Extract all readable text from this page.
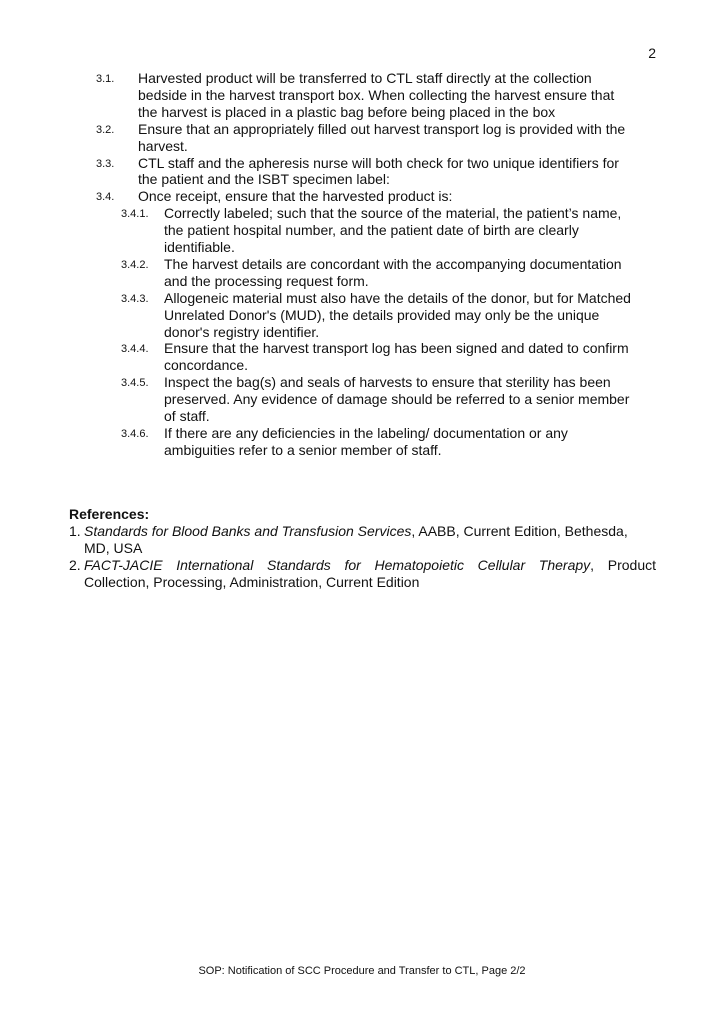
2
3.1. Harvested product will be transferred to CTL staff directly at the collection
bedside in the harvest transport box. When collecting the harvest ensure that
the harvest is placed in a plastic bag before being placed in the box
3.2. Ensure that an appropriately filled out harvest transport log is provided with the
harvest.
3.3. CTL staff and the apheresis nurse will both check for two unique identifiers for
the patient and the ISBT specimen label:
3.4. Once receipt, ensure that the harvested product is:
3.4.1. Correctly labeled; such that the source of the material, the patient’s name,
the patient hospital number, and the patient date of birth are clearly
identifiable.
3.4.2. The harvest details are concordant with the accompanying documentation
and the processing request form.
3.4.3. Allogeneic material must also have the details of the donor, but for Matched
Unrelated Donor's (MUD), the details provided may only be the unique
donor's registry identifier.
3.4.4. Ensure that the harvest transport log has been signed and dated to confirm
concordance.
3.4.5. Inspect the bag(s) and seals of harvests to ensure that sterility has been
preserved. Any evidence of damage should be referred to a senior member
of staff.
3.4.6. If there are any deficiencies in the labeling/ documentation or any
ambiguities refer to a senior member of staff.
References:
1. Standards for Blood Banks and Transfusion Services, AABB, Current Edition, Bethesda,
MD, USA
2. FACT-JACIE International Standards for Hematopoietic Cellular Therapy, Product
Collection, Processing, Administration, Current Edition
SOP: Notification of SCC Procedure and Transfer to CTL, Page 2/2
